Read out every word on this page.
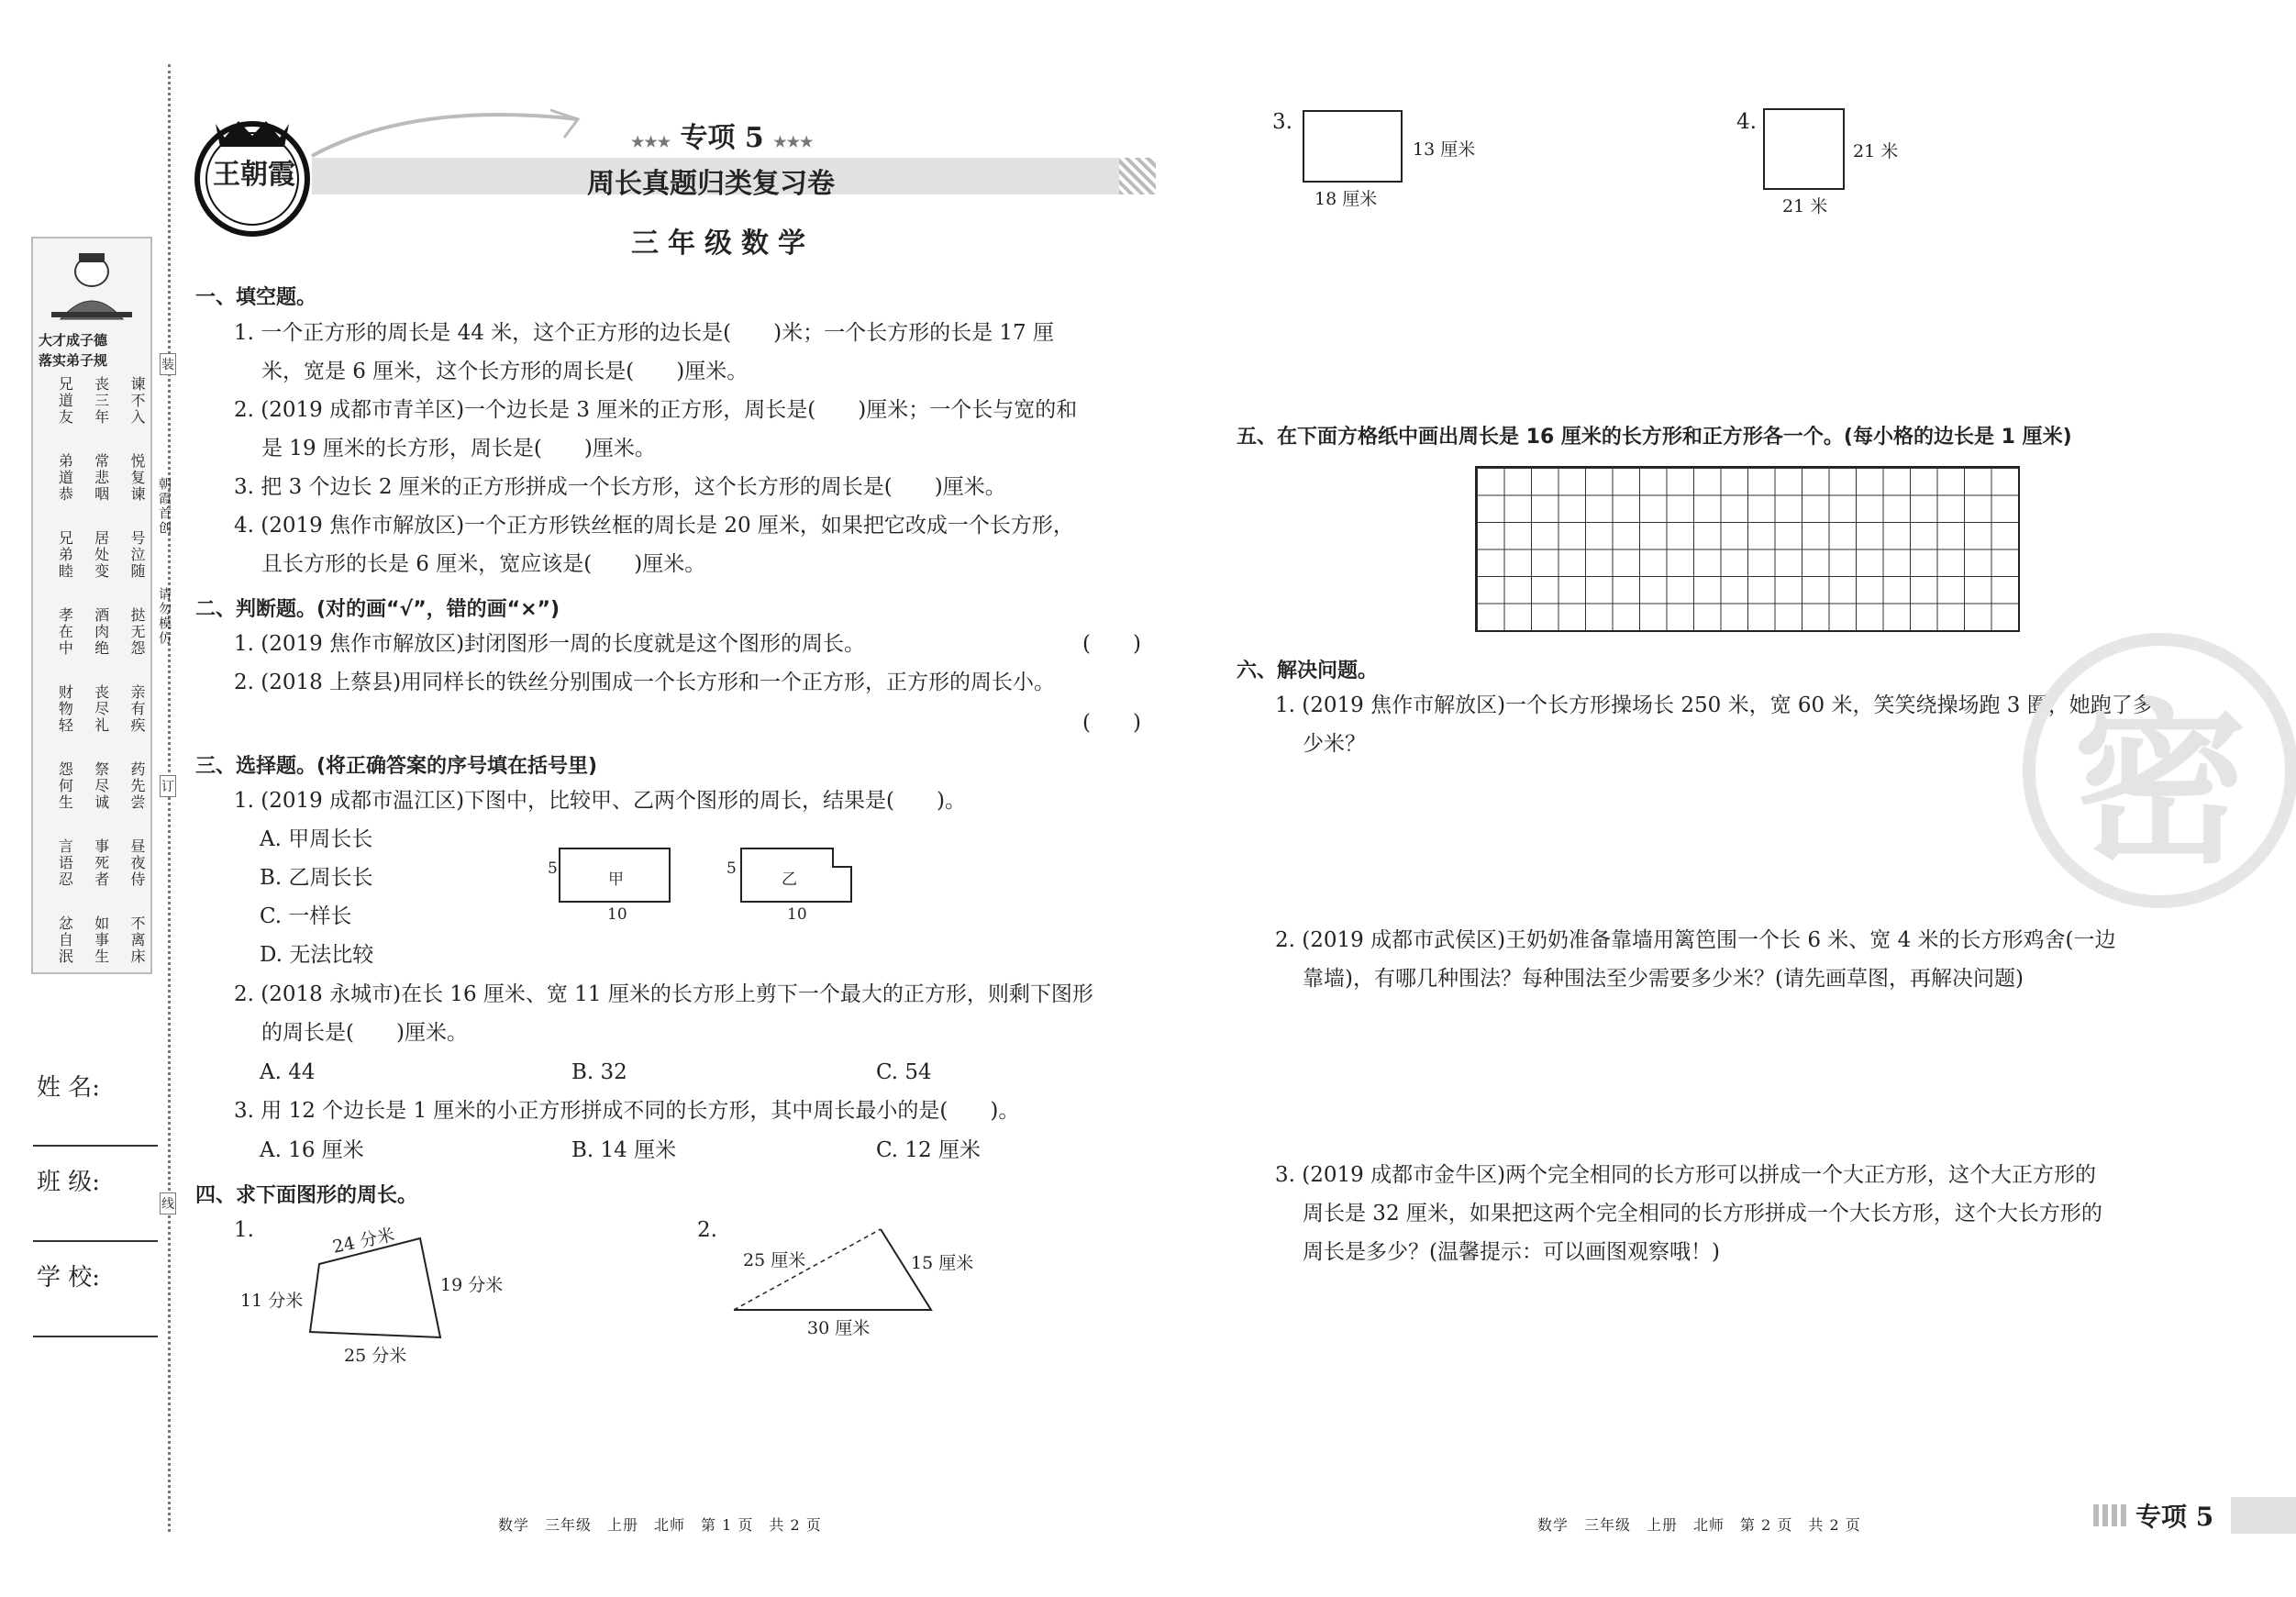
大才成子德
落实弟子规
兄道友	丧三年	谏不入
弟道恭	常悲咽	悦复谏
兄弟睦	居处变	号泣随
孝在中	酒肉绝	挞无怨
财物轻	丧尽礼	亲有疾
怨何生	祭尽诚	药先尝
言语忍	事死者	昼夜侍
忿自泯	如事生	不离床
装
订
线
朝霞首创
请勿模仿
姓 名:
班 级:
学 校:
王朝霞
★★★ 专项 5 ★★★
周长真题归类复习卷
三年级数学
一、填空题。
1. 一个正方形的周长是 44 米，这个正方形的边长是(　　)米；一个长方形的长是 17 厘
米，宽是 6 厘米，这个长方形的周长是(　　)厘米。
2. (2019 成都市青羊区)一个边长是 3 厘米的正方形，周长是(　　)厘米；一个长与宽的和
是 19 厘米的长方形，周长是(　　)厘米。
3. 把 3 个边长 2 厘米的正方形拼成一个长方形，这个长方形的周长是(　　)厘米。
4. (2019 焦作市解放区)一个正方形铁丝框的周长是 20 厘米，如果把它改成一个长方形，
且长方形的长是 6 厘米，宽应该是(　　)厘米。
二、判断题。(对的画“√”，错的画“×”)
1. (2019 焦作市解放区)封闭图形一周的长度就是这个图形的周长。	(　　)
2. (2018 上蔡县)用同样长的铁丝分别围成一个长方形和一个正方形，正方形的周长小。
(　　)
三、选择题。(将正确答案的序号填在括号里)
1. (2019 成都市温江区)下图中，比较甲、乙两个图形的周长，结果是(　　)。
A. 甲周长长
B. 乙周长长
C. 一样长
D. 无法比较
甲	乙
5	5
10	10
2. (2018 永城市)在长 16 厘米、宽 11 厘米的长方形上剪下一个最大的正方形，则剩下图形
的周长是(　　)厘米。
A. 44	B. 32	C. 54
3. 用 12 个边长是 1 厘米的小正方形拼成不同的长方形，其中周长最小的是(　　)。
A. 16 厘米	B. 14 厘米	C. 12 厘米
四、求下面图形的周长。
1.	24 分米
19 分米
11 分米
25 分米
2.
25 厘米	15 厘米
30 厘米
3.
13 厘米
18 厘米
4.
21 米
21 米
五、在下面方格纸中画出周长是 16 厘米的长方形和正方形各一个。(每小格的边长是 1 厘米)
六、解决问题。
1. (2019 焦作市解放区)一个长方形操场长 250 米，宽 60 米，笑笑绕操场跑 3 圈，她跑了多
少米？
2. (2019 成都市武侯区)王奶奶准备靠墙用篱笆围一个长 6 米、宽 4 米的长方形鸡舍(一边
靠墙)，有哪几种围法？每种围法至少需要多少米？(请先画草图，再解决问题)
3. (2019 成都市金牛区)两个完全相同的长方形可以拼成一个大正方形，这个大正方形的
周长是 32 厘米，如果把这两个完全相同的长方形拼成一个大长方形，这个大长方形的
周长是多少？(温馨提示：可以画图观察哦！)
密
数学　三年级　上册　北师　第 1 页　共 2 页	数学　三年级　上册　北师　第 2 页　共 2 页	专项 5
